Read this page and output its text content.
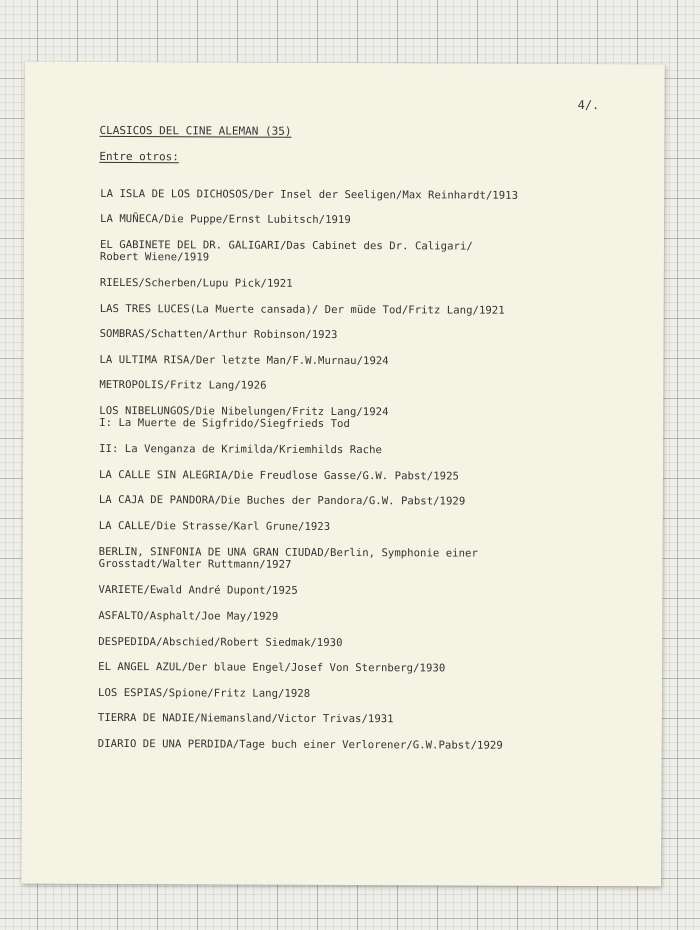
4/.
CLASICOS DEL CINE ALEMAN (35)
Entre otros:
LA ISLA DE LOS DICHOSOS/Der Insel der Seeligen/Max Reinhardt/1913
LA MUÑECA/Die Puppe/Ernst Lubitsch/1919
EL GABINETE DEL DR. GALIGARI/Das Cabinet des Dr. Caligari/
Robert Wiene/1919
RIELES/Scherben/Lupu Pick/1921
LAS TRES LUCES(La Muerte cansada)/ Der müde Tod/Fritz Lang/1921
SOMBRAS/Schatten/Arthur Robinson/1923
LA ULTIMA RISA/Der letzte Man/F.W.Murnau/1924
METROPOLIS/Fritz Lang/1926
LOS NIBELUNGOS/Die Nibelungen/Fritz Lang/1924
I: La Muerte de Sigfrido/Siegfrieds Tod
II: La Venganza de Krimilda/Kriemhilds Rache
LA CALLE SIN ALEGRIA/Die Freudlose Gasse/G.W. Pabst/1925
LA CAJA DE PANDORA/Die Buches der Pandora/G.W. Pabst/1929
LA CALLE/Die Strasse/Karl Grune/1923
BERLIN, SINFONIA DE UNA GRAN CIUDAD/Berlin, Symphonie einer
Grosstadt/Walter Ruttmann/1927
VARIETE/Ewald André Dupont/1925
ASFALTO/Asphalt/Joe May/1929
DESPEDIDA/Abschied/Robert Siedmak/1930
EL ANGEL AZUL/Der blaue Engel/Josef Von Sternberg/1930
LOS ESPIAS/Spione/Fritz Lang/1928
TIERRA DE NADIE/Niemansland/Victor Trivas/1931
DIARIO DE UNA PERDIDA/Tage buch einer Verlorener/G.W.Pabst/1929
